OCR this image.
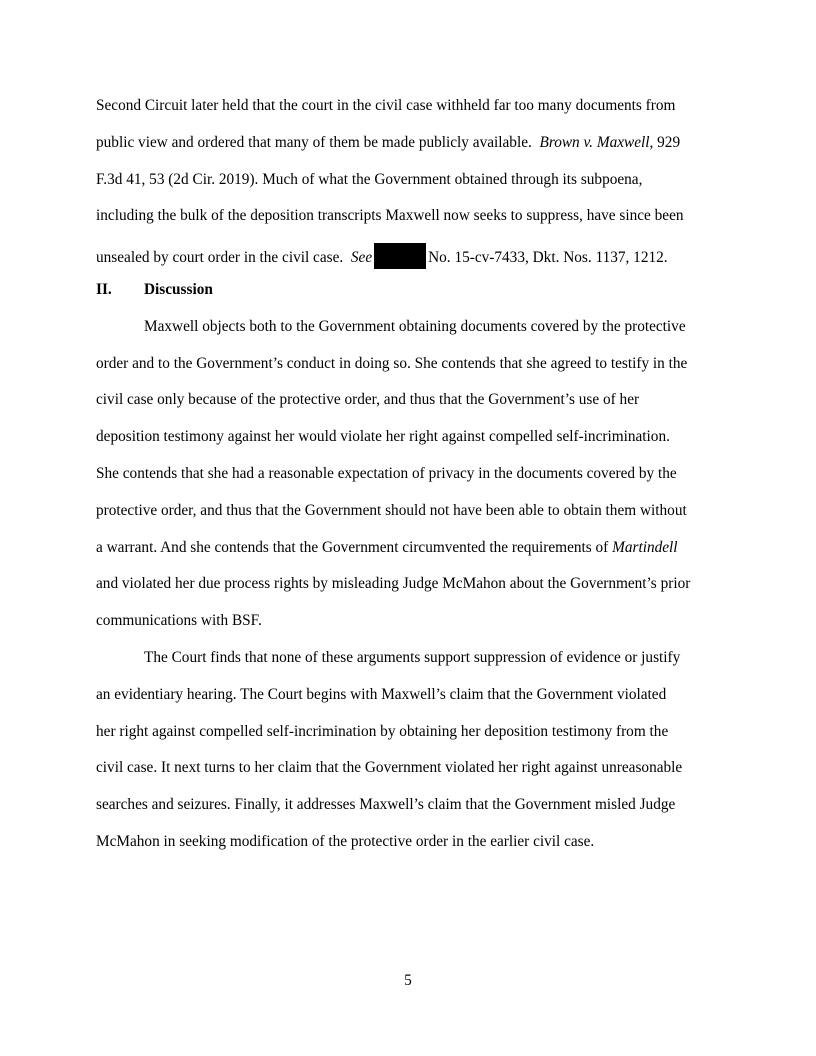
Second Circuit later held that the court in the civil case withheld far too many documents from

public view and ordered that many of them be made publicly available. Brown v. Maxwell, 929

F.3d 41, 53 (2d Cir. 2019). Much of what the Government obtained through its subpoena,

including the bulk of the deposition transcripts Maxwell now seeks to suppress, have since been

unsealed by court order in the civil case. See	No. 15-cv-7433, Dkt. Nos. 1137, 1212.

II. Discussion

Maxwell objects both to the Government obtaining documents covered by the protective

order and to the Government’s conduct in doing so. She contends that she agreed to testify in the

civil case only because of the protective order, and thus that the Government’s use of her

deposition testimony against her would violate her right against compelled self-incrimination.

She contends that she had a reasonable expectation of privacy in the documents covered by the

protective order, and thus that the Government should not have been able to obtain them without

a warrant. And she contends that the Government circumvented the requirements of Martindell

and violated her due process rights by misleading Judge McMahon about the Government’s prior

communications with BSF.

The Court finds that none of these arguments support suppression of evidence or justify

an evidentiary hearing. The Court begins with Maxwell’s claim that the Government violated

her right against compelled self-incrimination by obtaining her deposition testimony from the

civil case. It next turns to her claim that the Government violated her right against unreasonable

searches and seizures. Finally, it addresses Maxwell’s claim that the Government misled Judge

McMahon in seeking modification of the protective order in the earlier civil case.

5
